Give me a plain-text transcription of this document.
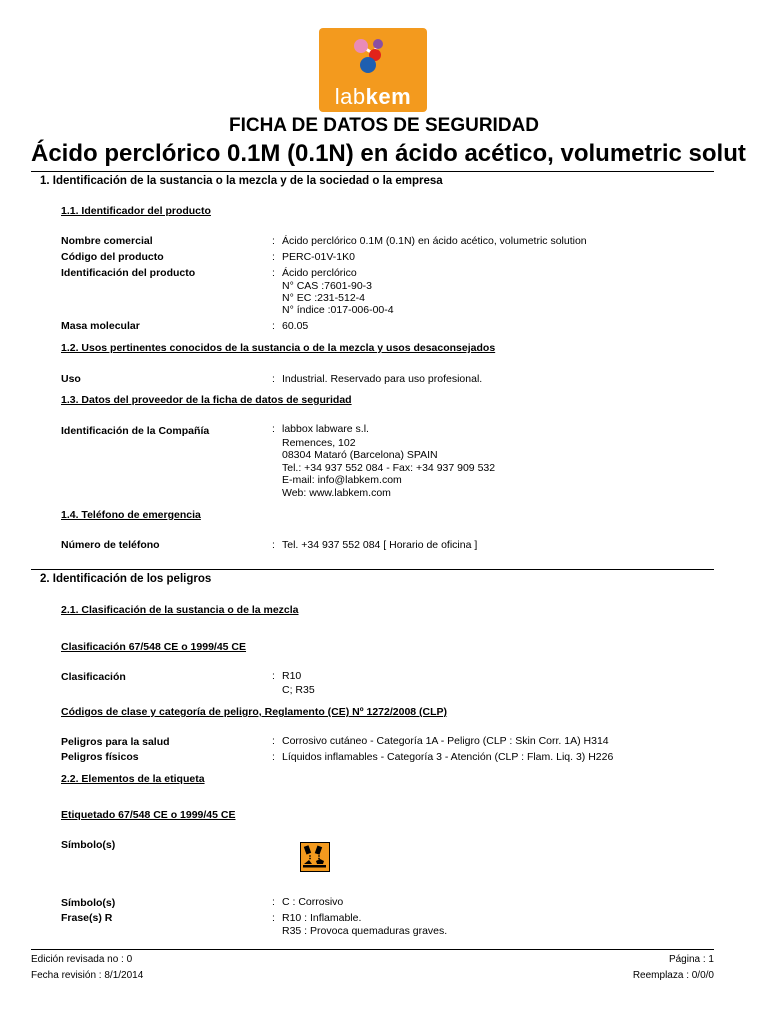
labkem
FICHA DE DATOS DE SEGURIDAD
Ácido perclórico 0.1M (0.1N) en ácido acético, volumetric solut
1. Identificación de la sustancia o la mezcla y de la sociedad o la empresa
1.1. Identificador del producto
Nombre comercial	: Ácido perclórico 0.1M (0.1N) en ácido acético, volumetric solution
Código del producto	: PERC-01V-1K0
Identificación del producto	: Ácido perclórico
N° CAS :7601-90-3
N° EC :231-512-4
N° índice :017-006-00-4
Masa molecular	: 60.05
1.2. Usos pertinentes conocidos de la sustancia o de la mezcla y usos desaconsejados
Uso	: Industrial. Reservado para uso profesional.
1.3. Datos del proveedor de la ficha de datos de seguridad
Identificación de la Compañía	: labbox labware s.l.
Remences, 102
08304 Mataró (Barcelona) SPAIN
Tel.: +34 937 552 084 - Fax: +34 937 909 532
E-mail: info@labkem.com
Web: www.labkem.com
1.4. Teléfono de emergencia
Número de teléfono	: Tel. +34 937 552 084 [ Horario de oficina ]
2. Identificación de los peligros
2.1. Clasificación de la sustancia o de la mezcla
Clasificación 67/548 CE o 1999/45 CE
Clasificación	: R10
C; R35
Códigos de clase y categoría de peligro, Reglamento (CE) Nº 1272/2008 (CLP)
Peligros para la salud	: Corrosivo cutáneo - Categoría 1A - Peligro (CLP : Skin Corr. 1A) H314
Peligros físicos	: Líquidos inflamables - Categoría 3 - Atención (CLP : Flam. Liq. 3) H226
2.2. Elementos de la etiqueta
Etiquetado 67/548 CE o 1999/45 CE
Símbolo(s)
Símbolo(s)	: C : Corrosivo
Frase(s) R	: R10 : Inflamable.
R35 : Provoca quemaduras graves.
Edición revisada no : 0
Fecha revisión : 8/1/2014
Página : 1
Reemplaza : 0/0/0
